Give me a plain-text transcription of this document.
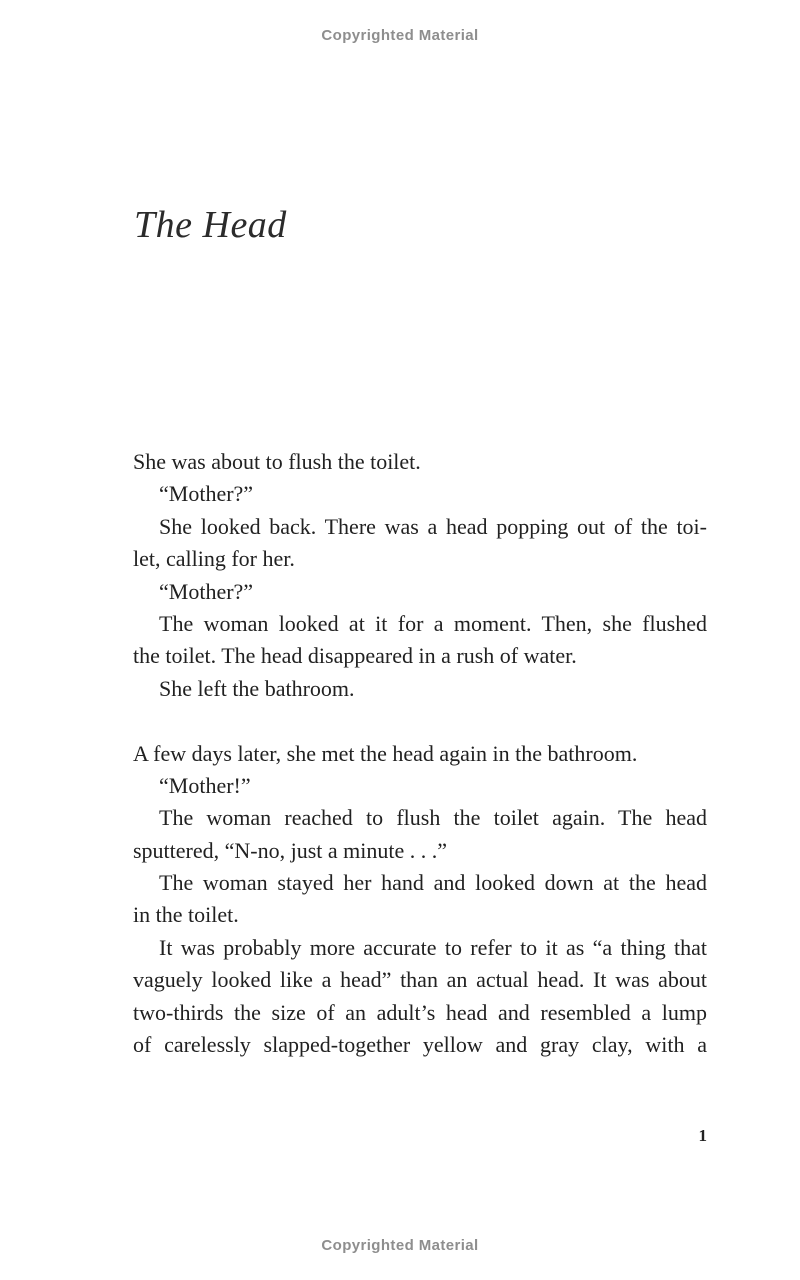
Copyrighted Material
The Head
She was about to flush the toilet.
“Mother?”
She looked back. There was a head popping out of the toi-
let, calling for her.
“Mother?”
The woman looked at it for a moment. Then, she flushed
the toilet. The head disappeared in a rush of water.
She left the bathroom.
A few days later, she met the head again in the bathroom.
“Mother!”
The woman reached to flush the toilet again. The head
sputtered, “N-no, just a minute . . .”
The woman stayed her hand and looked down at the head
in the toilet.
It was probably more accurate to refer to it as “a thing that
vaguely looked like a head” than an actual head. It was about
two-thirds the size of an adult’s head and resembled a lump
of carelessly slapped-together yellow and gray clay, with a
1
Copyrighted Material
